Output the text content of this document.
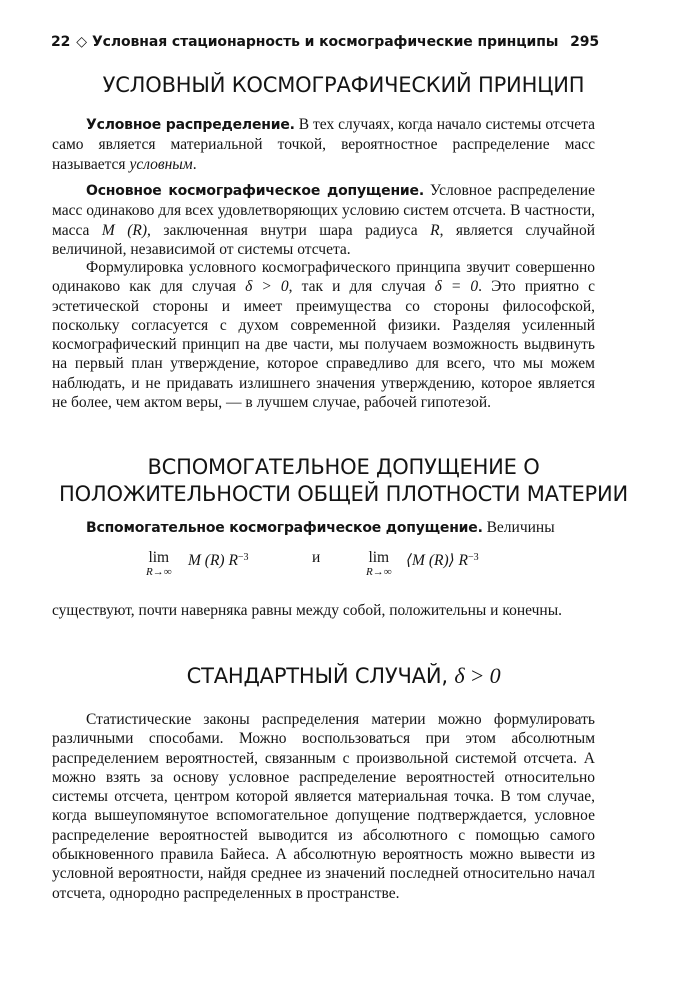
22 ◇ Условная стационарность и космографические принципы 295
УСЛОВНЫЙ КОСМОГРАФИЧЕСКИЙ ПРИНЦИП

Условное распределение. В тех случаях, когда начало системы отсчета само является материальной точкой, вероятностное распределение масс называется условным.

Основное космографическое допущение. Условное распределение масс одинаково для всех удовлетворяющих условию систем отсчета. В частности, масса M (R), заключенная внутри шара радиуса R, является случайной величиной, независимой от системы отсчета.

Формулировка условного космографического принципа звучит совершенно одинаково как для случая δ > 0, так и для случая δ = 0. Это приятно с эстетической стороны и имеет преимущества со стороны философской, поскольку согласуется с духом современной физики. Разделяя усиленный космографический принцип на две части, мы получаем возможность выдвинуть на первый план утверждение, которое справедливо для всего, что мы можем наблюдать, и не придавать излишнего значения утверждению, которое является не более, чем актом веры, — в лучшем случае, рабочей гипотезой.

ВСПОМОГАТЕЛЬНОЕ ДОПУЩЕНИЕ О
ПОЛОЖИТЕЛЬНОСТИ ОБЩЕЙ ПЛОТНОСТИ МАТЕРИИ

Вспомогательное космографическое допущение. Величины

lim
R→∞
M (R) $R^{-3}$	и	lim
R→∞
⟨M (R)⟩ $R^{-3}$

существуют, почти наверняка равны между собой, положительны и конечны.

СТАНДАРТНЫЙ СЛУЧАЙ, δ > 0

Статистические законы распределения материи можно формулировать различными способами. Можно воспользоваться при этом абсолютным распределением вероятностей, связанным с произвольной системой отсчета. А можно взять за основу условное распределение вероятностей относительно системы отсчета, центром которой является материальная точка. В том случае, когда вышеупомянутое вспомогательное допущение подтверждается, условное распределение вероятностей выводится из абсолютного с помощью самого обыкновенного правила Байеса. А абсолютную вероятность можно вывести из условной вероятности, найдя среднее из значений последней относительно начал отсчета, однородно распределенных в пространстве.
